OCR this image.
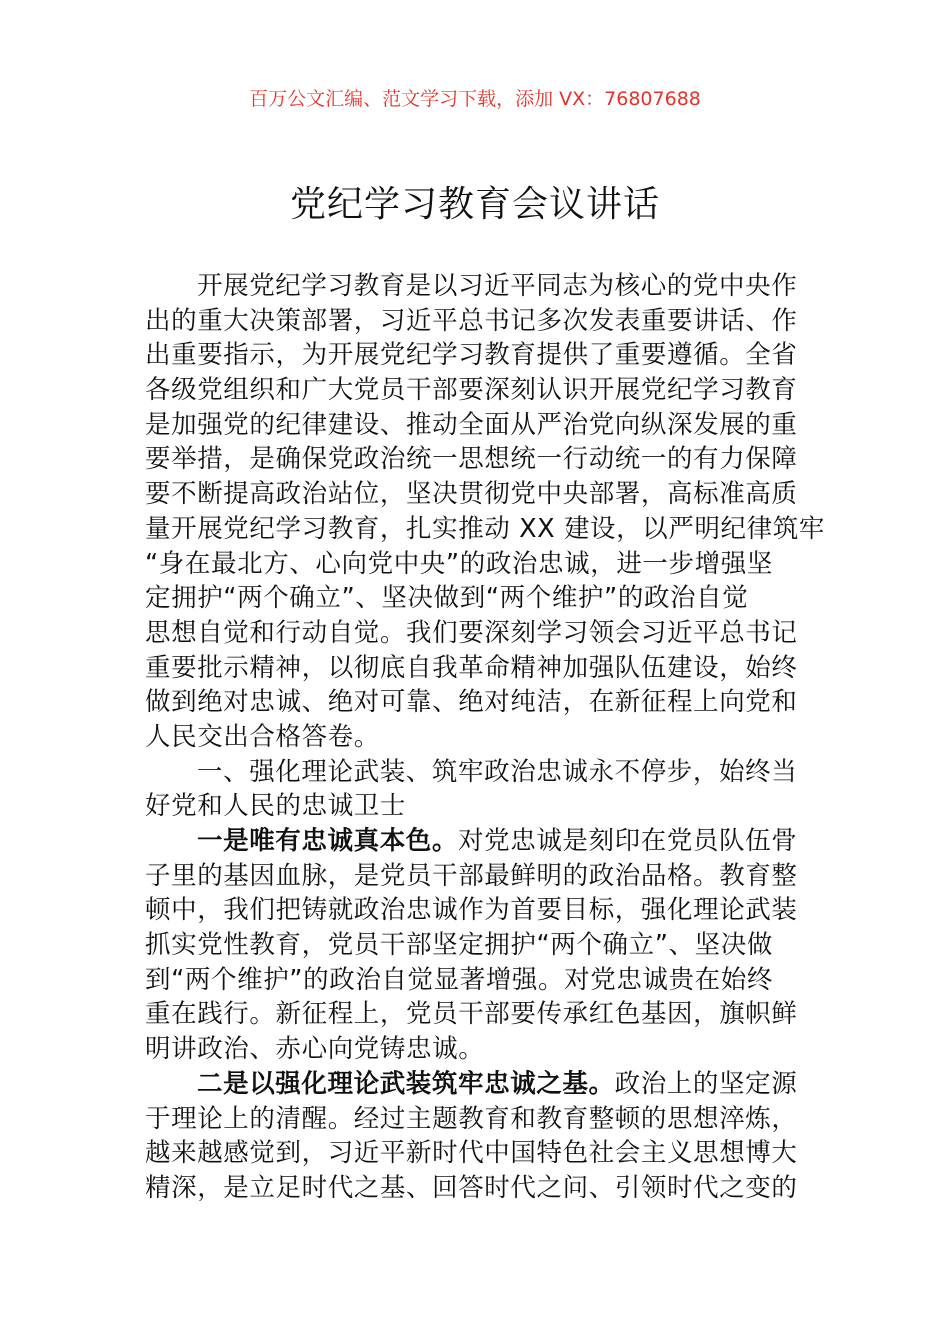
百万公文汇编、范文学习下载，添加 VX：76807688
党纪学习教育会议讲话
开展党纪学习教育是以习近平同志为核心的党中央作
出的重大决策部署，习近平总书记多次发表重要讲话、作
出重要指示，为开展党纪学习教育提供了重要遵循。全省
各级党组织和广大党员干部要深刻认识开展党纪学习教育
是加强党的纪律建设、推动全面从严治党向纵深发展的重
要举措，是确保党政治统一思想统一行动统一的有力保障
要不断提高政治站位，坚决贯彻党中央部署，高标准高质
量开展党纪学习教育，扎实推动 XX 建设，以严明纪律筑牢
“身在最北方、心向党中央”的政治忠诚，进一步增强坚
定拥护“两个确立”、坚决做到“两个维护”的政治自觉
思想自觉和行动自觉。我们要深刻学习领会习近平总书记
重要批示精神，以彻底自我革命精神加强队伍建设，始终
做到绝对忠诚、绝对可靠、绝对纯洁，在新征程上向党和
人民交出合格答卷。
一、强化理论武装、筑牢政治忠诚永不停步，始终当
好党和人民的忠诚卫士
一是唯有忠诚真本色。对党忠诚是刻印在党员队伍骨
子里的基因血脉，是党员干部最鲜明的政治品格。教育整
顿中，我们把铸就政治忠诚作为首要目标，强化理论武装
抓实党性教育，党员干部坚定拥护“两个确立”、坚决做
到“两个维护”的政治自觉显著增强。对党忠诚贵在始终
重在践行。新征程上，党员干部要传承红色基因，旗帜鲜
明讲政治、赤心向党铸忠诚。
二是以强化理论武装筑牢忠诚之基。政治上的坚定源
于理论上的清醒。经过主题教育和教育整顿的思想淬炼，
越来越感觉到，习近平新时代中国特色社会主义思想博大
精深，是立足时代之基、回答时代之问、引领时代之变的
